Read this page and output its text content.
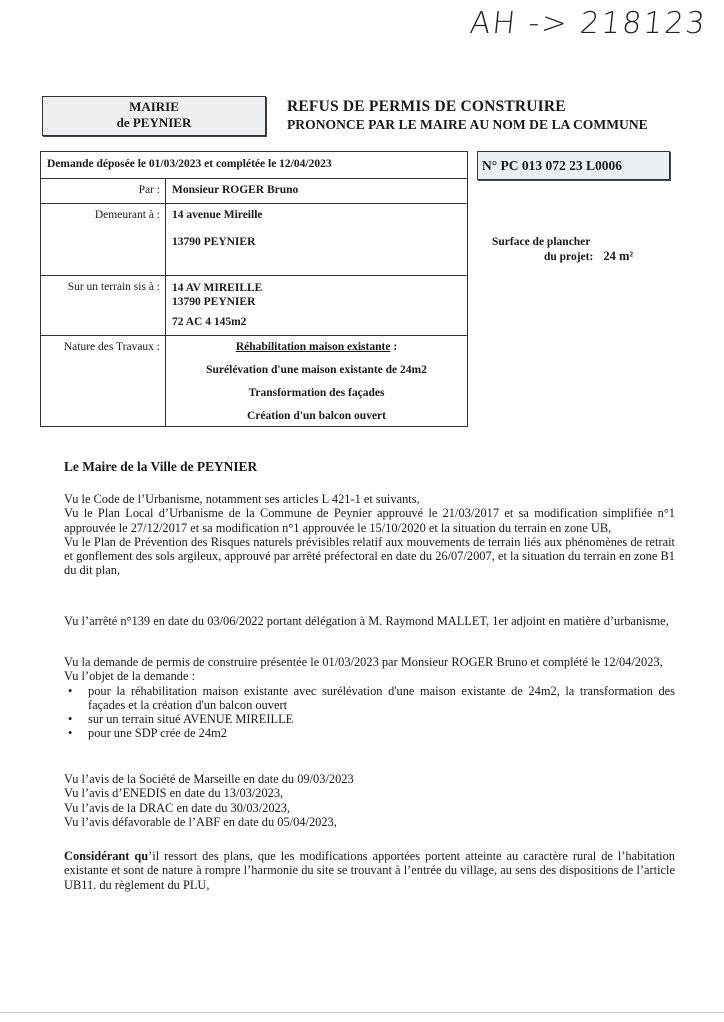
AH -> 218123
MAIRIE
de PEYNIER
REFUS DE PERMIS DE CONSTRUIRE
PRONONCE PAR LE MAIRE AU NOM DE LA COMMUNE
Demande déposée le 01/03/2023 et complétée le 12/04/2023
Par :	Monsieur ROGER Bruno
Demeurant à :	14 avenue Mireille
13790 PEYNIER
Sur un terrain sis à :	14 AV MIREILLE
13790 PEYNIER
72 AC 4 145m2
Nature des Travaux :	Réhabilitation maison existante :
Surélévation d'une maison existante de 24m2
Transformation des façades
Création d'un balcon ouvert
N° PC 013 072 23 L0006
Surface de plancher
du projet: 24 m²
Le Maire de la Ville de PEYNIER
Vu le Code de l’Urbanisme, notamment ses articles L 421-1 et suivants,
Vu le Plan Local d’Urbanisme de la Commune de Peynier approuvé le 21/03/2017 et sa modification simplifiée n°1 approuvée le 27/12/2017 et sa modification n°1 approuvée le 15/10/2020 et la situation du terrain en zone UB,
Vu le Plan de Prévention des Risques naturels prévisibles relatif aux mouvements de terrain liés aux phénomènes de retrait et gonflement des sols argileux, approuvé par arrêté préfectoral en date du 26/07/2007, et la situation du terrain en zone B1 du dit plan,
Vu l’arrêté n°139 en date du 03/06/2022 portant délégation à M. Raymond MALLET, 1er adjoint en matière d’urbanisme,
Vu la demande de permis de construire présentée le 01/03/2023 par Monsieur ROGER Bruno et complété le 12/04/2023,
Vu l’objet de la demande :
• pour la réhabilitation maison existante avec surélévation d'une maison existante de 24m2, la transformation des façades et la création d'un balcon ouvert
• sur un terrain situé AVENUE MIREILLE
• pour une SDP crée de 24m2
Vu l’avis de la Société de Marseille en date du 09/03/2023
Vu l’avis d’ENEDIS en date du 13/03/2023,
Vu l’avis de la DRAC en date du 30/03/2023,
Vu l’avis défavorable de l’ABF en date du 05/04/2023,
Considérant qu’il ressort des plans, que les modifications apportées portent atteinte au caractère rural de l’habitation existante et sont de nature à rompre l’harmonie du site se trouvant à l’entrée du village, au sens des dispositions de l’article UB11. du règlement du PLU,
